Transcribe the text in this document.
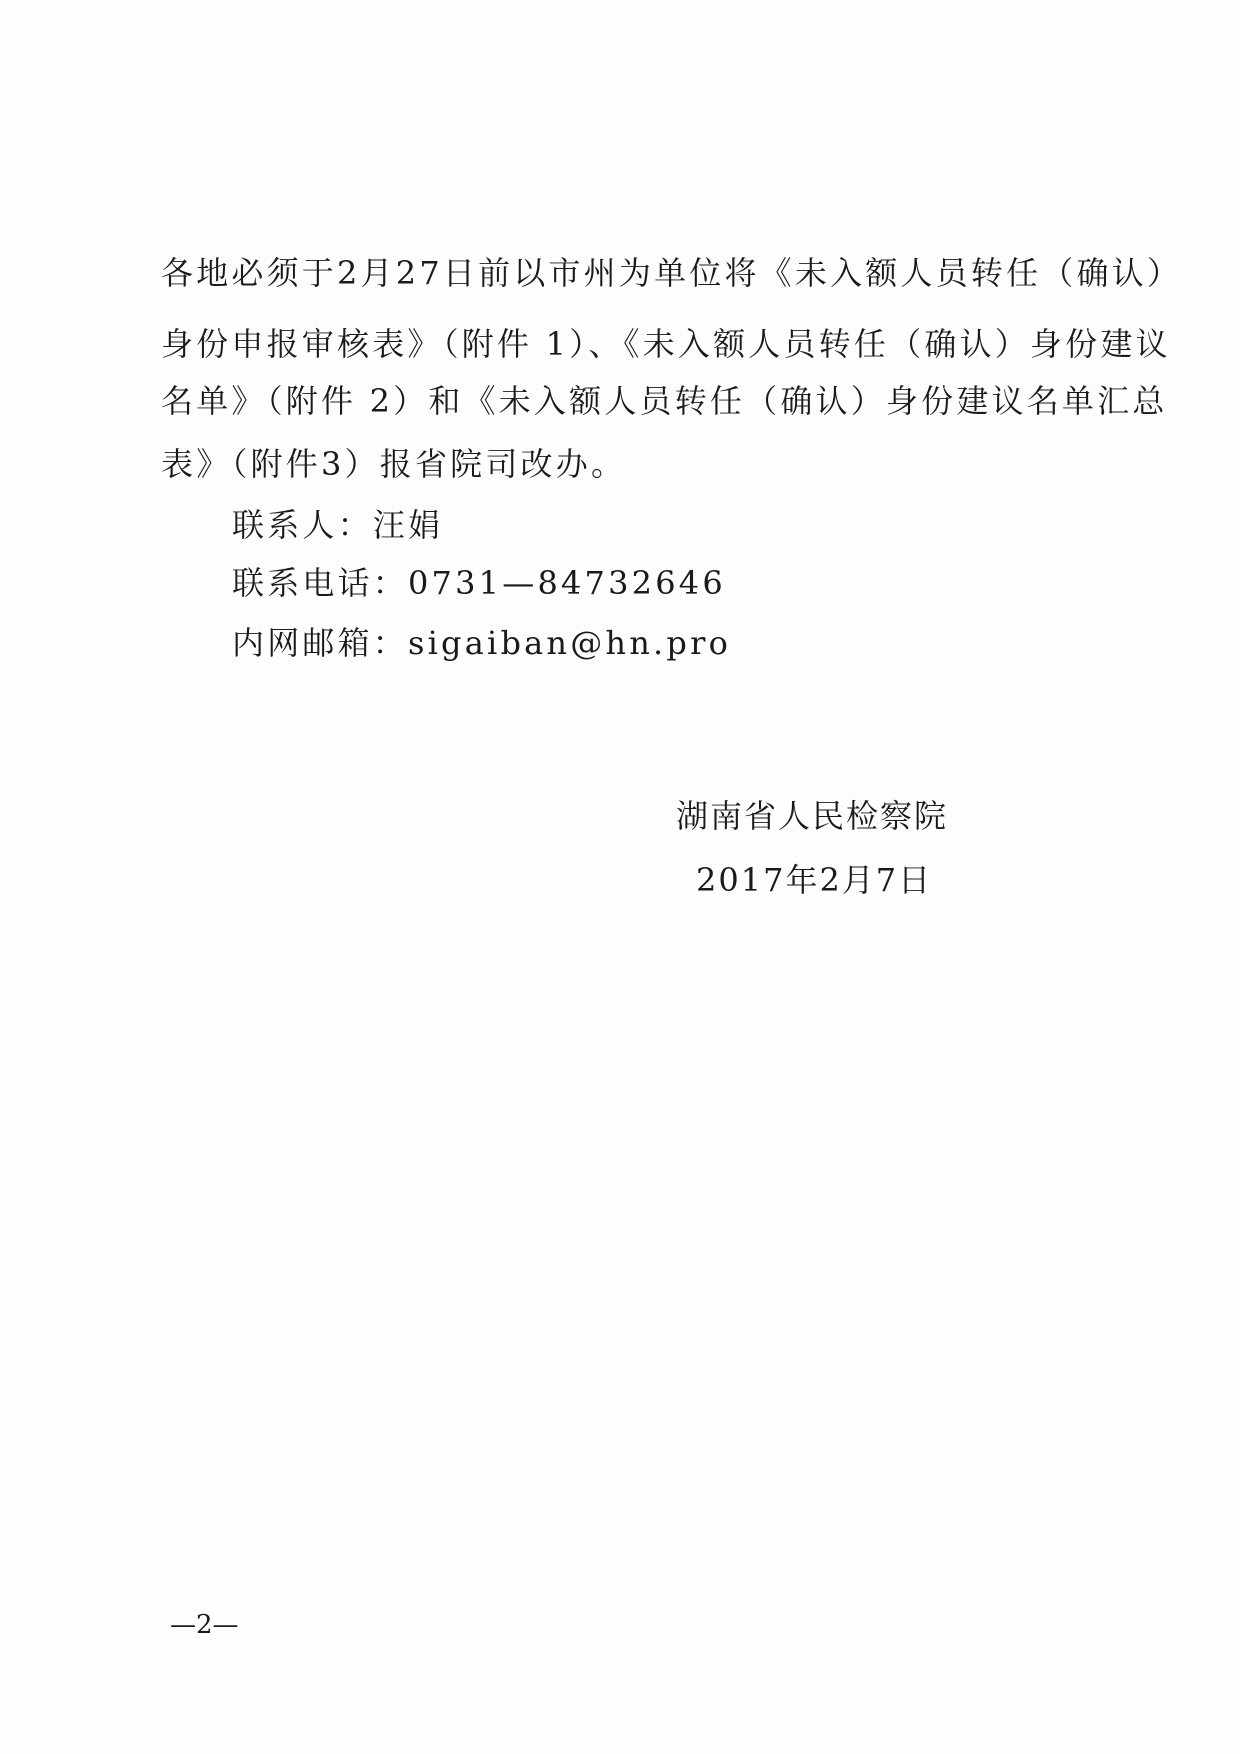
各地必须于2月27日前以市州为单位将《未入额人员转任（确认）
身份申报审核表》（附件 1）、《未入额人员转任（确认）身份建议
名单》（附件 2）和《未入额人员转任（确认）身份建议名单汇总
表》（附件3）报省院司改办。
联系人：汪娟
联系电话：0731—84732646
内网邮箱：sigaiban@hn.pro
湖南省人民检察院
2017年2月7日
—2—
